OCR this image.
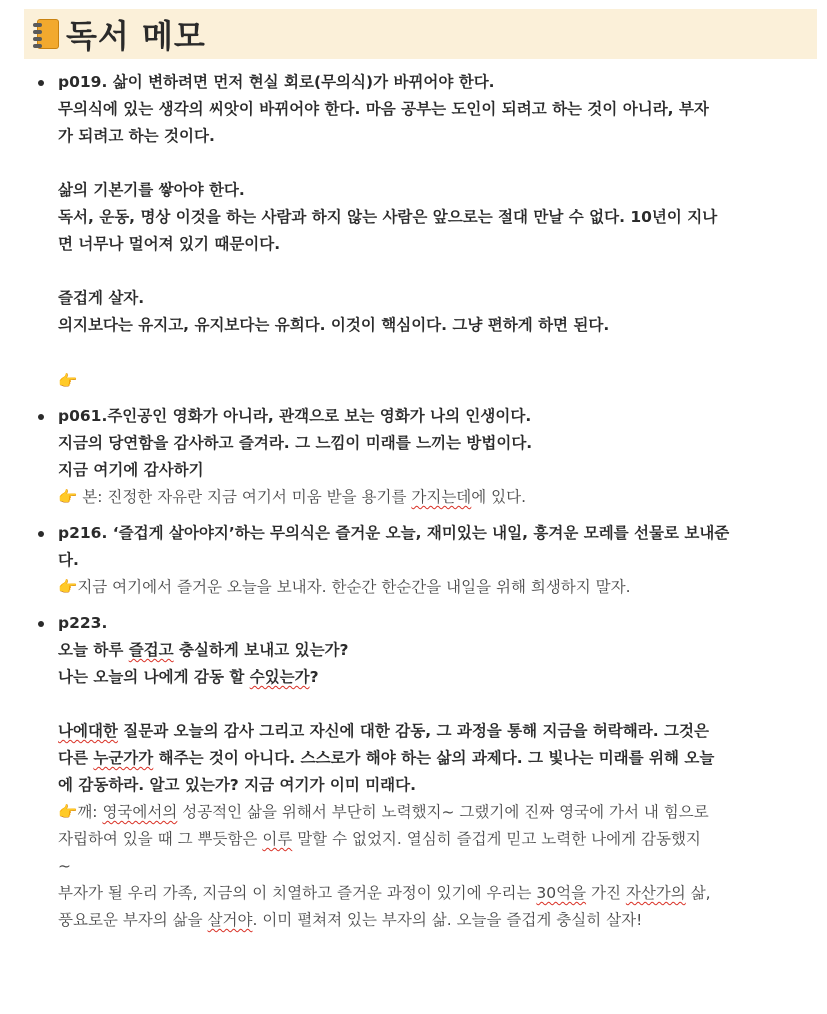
독서 메모
p019. 삶이 변하려면 먼저 현실 회로(무의식)가 바뀌어야 한다.
무의식에 있는 생각의 씨앗이 바뀌어야 한다. 마음 공부는 도인이 되려고 하는 것이 아니라, 부자
가 되려고 하는 것이다.
삶의 기본기를 쌓아야 한다.
독서, 운동, 명상 이것을 하는 사람과 하지 않는 사람은 앞으로는 절대 만날 수 없다. 10년이 지나
면 너무나 멀어져 있기 때문이다.
즐겁게 살자.
의지보다는 유지고, 유지보다는 유희다. 이것이 핵심이다. 그냥 편하게 하면 된다.
👉
p061.주인공인 영화가 아니라, 관객으로 보는 영화가 나의 인생이다.
지금의 당연함을 감사하고 즐겨라. 그 느낌이 미래를 느끼는 방법이다.
지금 여기에 감사하기
👉 본: 진정한 자유란 지금 여기서 미움 받을 용기를 가지는데에 있다.
p216. ‘즐겁게 살아야지’하는 무의식은 즐거운 오늘, 재미있는 내일, 흥겨운 모레를 선물로 보내준
다.
👉지금 여기에서 즐거운 오늘을 보내자. 한순간 한순간을 내일을 위해 희생하지 말자.
p223.
오늘 하루 즐겁고 충실하게 보내고 있는가?
나는 오늘의 나에게 감동 할 수있는가?
나에대한 질문과 오늘의 감사 그리고 자신에 대한 감동, 그 과정을 통해 지금을 허락해라. 그것은
다른 누군가가 해주는 것이 아니다. 스스로가 해야 하는 삶의 과제다. 그 빛나는 미래를 위해 오늘
에 감동하라. 알고 있는가? 지금 여기가 이미 미래다.
👉깨: 영국에서의 성공적인 삶을 위해서 부단히 노력했지~ 그랬기에 진짜 영국에 가서 내 힘으로
자립하여 있을 때 그 뿌듯함은 이루 말할 수 없었지. 열심히 즐겁게 믿고 노력한 나에게 감동했지
~
부자가 될 우리 가족, 지금의 이 치열하고 즐거운 과정이 있기에 우리는 30억을 가진 자산가의 삶,
풍요로운 부자의 삶을 살거야. 이미 펼쳐져 있는 부자의 삶. 오늘을 즐겁게 충실히 살자!
